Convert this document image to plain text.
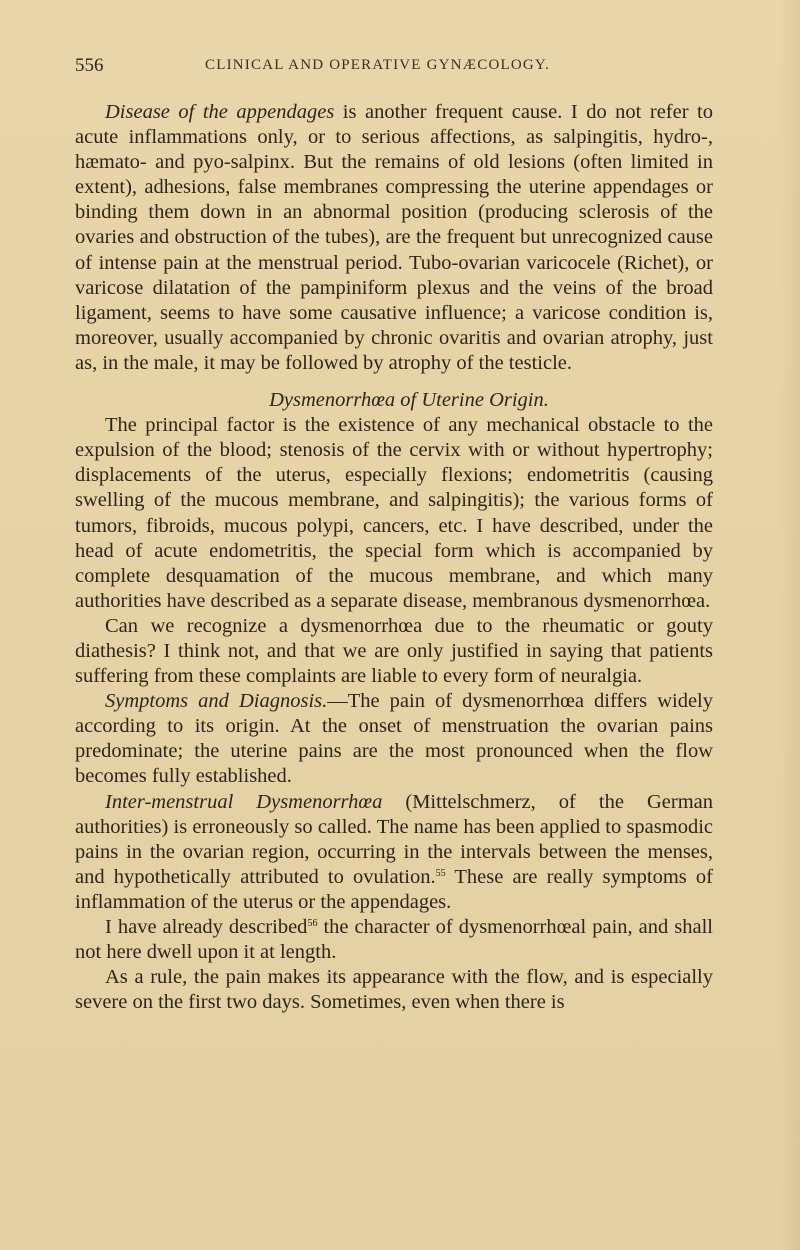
556	CLINICAL AND OPERATIVE GYNÆCOLOGY.

Disease of the appendages is another frequent cause. I do not refer to acute inflammations only, or to serious affections, as salpingitis, hydro-, hæmato- and pyo-salpinx. But the remains of old lesions (often limited in extent), adhesions, false membranes compressing the uterine appendages or binding them down in an abnormal position (producing sclerosis of the ovaries and obstruction of the tubes), are the frequent but unrecognized cause of intense pain at the menstrual period. Tubo-ovarian varicocele (Richet), or varicose dilatation of the pampiniform plexus and the veins of the broad ligament, seems to have some causative influence; a varicose condition is, moreover, usually accompanied by chronic ovaritis and ovarian atrophy, just as, in the male, it may be followed by atrophy of the testicle.

Dysmenorrhœa of Uterine Origin.

The principal factor is the existence of any mechanical obstacle to the expulsion of the blood; stenosis of the cervix with or without hypertrophy; displacements of the uterus, especially flexions; endometritis (causing swelling of the mucous membrane, and salpingitis); the various forms of tumors, fibroids, mucous polypi, cancers, etc. I have described, under the head of acute endometritis, the special form which is accompanied by complete desquamation of the mucous membrane, and which many authorities have described as a separate disease, membranous dysmenorrhœa.

Can we recognize a dysmenorrhœa due to the rheumatic or gouty diathesis? I think not, and that we are only justified in saying that patients suffering from these complaints are liable to every form of neuralgia.

Symptoms and Diagnosis.—The pain of dysmenorrhœa differs widely according to its origin. At the onset of menstruation the ovarian pains predominate; the uterine pains are the most pronounced when the flow becomes fully established.

Inter-menstrual Dysmenorrhœa (Mittelschmerz, of the German authorities) is erroneously so called. The name has been applied to spasmodic pains in the ovarian region, occurring in the intervals between the menses, and hypothetically attributed to ovulation.$^{55}$ These are really symptoms of inflammation of the uterus or the appendages.

I have already described$^{56}$ the character of dysmenorrhœal pain, and shall not here dwell upon it at length.

As a rule, the pain makes its appearance with the flow, and is especially severe on the first two days. Sometimes, even when there is
